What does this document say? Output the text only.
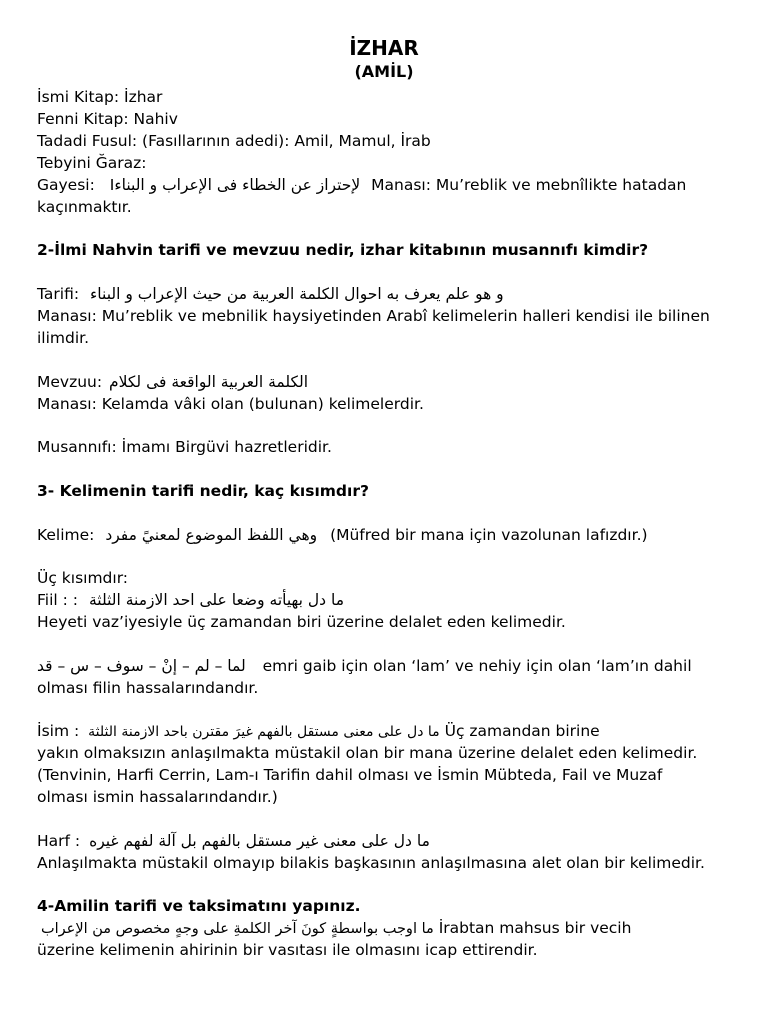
İZHAR
(AMİL)
İsmi Kitap: İzhar
Fenni Kitap: Nahiv
Tadadi Fusul: (Fasıllarının adedi): Amil, Mamul, İrab
Tebyini Ğaraz:
Gayesi: لإحتراز عن الخطاء فى الإعراب و البناءI Manası: Mu’reblik ve mebnîlikte hatadan
kaçınmaktır.
2-İlmi Nahvin tarifi ve mevzuu nedir, izhar kitabının musannıfı kimdir?
Tarifi: و هو علم يعرف به احوال الكلمة العربية من حيث الإعراب و البناء
Manası: Mu’reblik ve mebnilik haysiyetinden Arabî kelimelerin halleri kendisi ile bilinen
ilimdir.
Mevzuu: الكلمة العربية الواقعة فى لكلام
Manası: Kelamda vâki olan (bulunan) kelimelerdir.
Musannıfı: İmamı Birgüvi hazretleridir.
3- Kelimenin tarifi nedir, kaç kısımdır?
Kelime: وهي اللفظ الموضوع لمعنيً مفرد (Müfred bir mana için vazolunan lafızdır.)
Üç kısımdır:
Fiil : : ما دل بهيأته وضعا على احد الازمنة الثلثة
Heyeti vaz’iyesiyle üç zamandan biri üzerine delalet eden kelimedir.
لما – لم – إنْ – سوف – س – قد emri gaib için olan ‘lam’ ve nehiy için olan ‘lam’ın dahil
olması filin hassalarındandır.
İsim : ما دل على معنى مستقل بالفهم غيرَ مقترن باحد الازمنة الثلثة Üç zamandan birine
yakın olmaksızın anlaşılmakta müstakil olan bir mana üzerine delalet eden kelimedir.
(Tenvinin, Harfi Cerrin, Lam-ı Tarifin dahil olması ve İsmin Mübteda, Fail ve Muzaf
olması ismin hassalarındandır.)
Harf : ما دل على معنى غير مستقل بالفهم بل آلة لفهم غيره
Anlaşılmakta müstakil olmayıp bilakis başkasının anlaşılmasına alet olan bir kelimedir.
4-Amilin tarifi ve taksimatını yapınız.
ما اوجب بواسطةٍ كونَ آخر الكلمةِ على وجهٍ مخصوص من الإعراب İrabtan mahsus bir vecih
üzerine kelimenin ahirinin bir vasıtası ile olmasını icap ettirendir.
